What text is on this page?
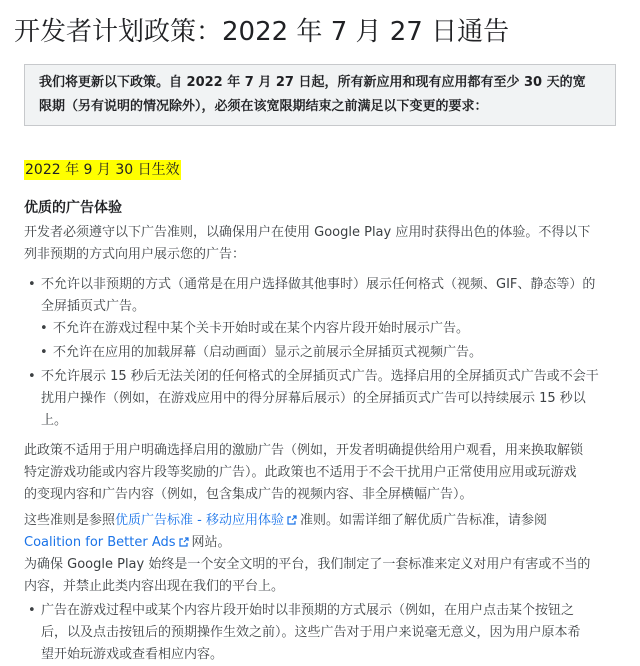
开发者计划政策：2022 年 7 月 27 日通告
我们将更新以下政策。自 2022 年 7 月 27 日起，所有新应用和现有应用都有至少 30 天的宽
限期（另有说明的情况除外），必须在该宽限期结束之前满足以下变更的要求：
2022 年 9 月 30 日生效
优质的广告体验
开发者必须遵守以下广告准则，以确保用户在使用 Google Play 应用时获得出色的体验。不得以下
列非预期的方式向用户展示您的广告：
• 不允许以非预期的方式（通常是在用户选择做其他事时）展示任何格式（视频、GIF、静态等）的
全屏插页式广告。
• 不允许在游戏过程中某个关卡开始时或在某个内容片段开始时展示广告。
• 不允许在应用的加载屏幕（启动画面）显示之前展示全屏插页式视频广告。
• 不允许展示 15 秒后无法关闭的任何格式的全屏插页式广告。选择启用的全屏插页式广告或不会干
扰用户操作（例如，在游戏应用中的得分屏幕后展示）的全屏插页式广告可以持续展示 15 秒以
上。
此政策不适用于用户明确选择启用的激励广告（例如，开发者明确提供给用户观看，用来换取解锁
特定游戏功能或内容片段等奖励的广告）。此政策也不适用于不会干扰用户正常使用应用或玩游戏
的变现内容和广告内容（例如，包含集成广告的视频内容、非全屏横幅广告）。
这些准则是参照优质广告标准 - 移动应用体验 准则。如需详细了解优质广告标准，请参阅
Coalition for Better Ads 网站。
为确保 Google Play 始终是一个安全文明的平台，我们制定了一套标准来定义对用户有害或不当的
内容，并禁止此类内容出现在我们的平台上。
• 广告在游戏过程中或某个内容片段开始时以非预期的方式展示（例如，在用户点击某个按钮之
后，以及点击按钮后的预期操作生效之前）。这些广告对于用户来说毫无意义，因为用户原本希
望开始玩游戏或查看相应内容。
